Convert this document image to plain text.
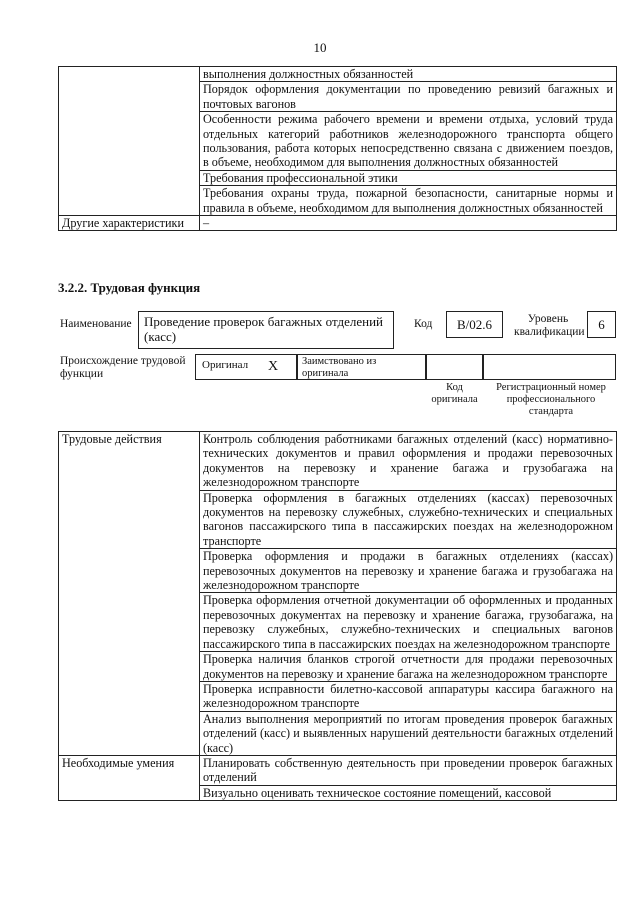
10
	выполнения должностных обязанностей
	Порядок оформления документации по проведению ревизий багажных и почтовых вагонов
	Особенности режима рабочего времени и времени отдыха, условий труда отдельных категорий работников железнодорожного транспорта общего пользования, работа которых непосредственно связана с движением поездов, в объеме, необходимом для выполнения должностных обязанностей
	Требования профессиональной этики
	Требования охраны труда, пожарной безопасности, санитарные нормы и правила в объеме, необходимом для выполнения должностных обязанностей
Другие характеристики	–
3.2.2. Трудовая функция
Наименование Проведение проверок багажных отделений (касс)
Код	В/02.6	Уровень квалификации	6
Происхождение трудовой функции
Оригинал	X	Заимствовано из оригинала
Код оригинала
Регистрационный номер профессионального стандарта
Трудовые действия	Контроль соблюдения работниками багажных отделений (касс) нормативно-технических документов и правил оформления и продажи перевозочных документов на перевозку и хранение багажа и грузобагажа на железнодорожном транспорте
	Проверка оформления в багажных отделениях (кассах) перевозочных документов на перевозку служебных, служебно-технических и специальных вагонов пассажирского типа в пассажирских поездах на железнодорожном транспорте
	Проверка оформления и продажи в багажных отделениях (кассах) перевозочных документов на перевозку и хранение багажа и грузобагажа на железнодорожном транспорте
	Проверка оформления отчетной документации об оформленных и проданных перевозочных документах на перевозку и хранение багажа, грузобагажа, на перевозку служебных, служебно-технических и специальных вагонов пассажирского типа в пассажирских поездах на железнодорожном транспорте
	Проверка наличия бланков строгой отчетности для продажи перевозочных документов на перевозку и хранение багажа на железнодорожном транспорте
	Проверка исправности билетно-кассовой аппаратуры кассира багажного на железнодорожном транспорте
	Анализ выполнения мероприятий по итогам проведения проверок багажных отделений (касс) и выявленных нарушений деятельности багажных отделений (касс)
Необходимые умения	Планировать собственную деятельность при проведении проверок багажных отделений
	Визуально оценивать техническое состояние помещений, кассовой
